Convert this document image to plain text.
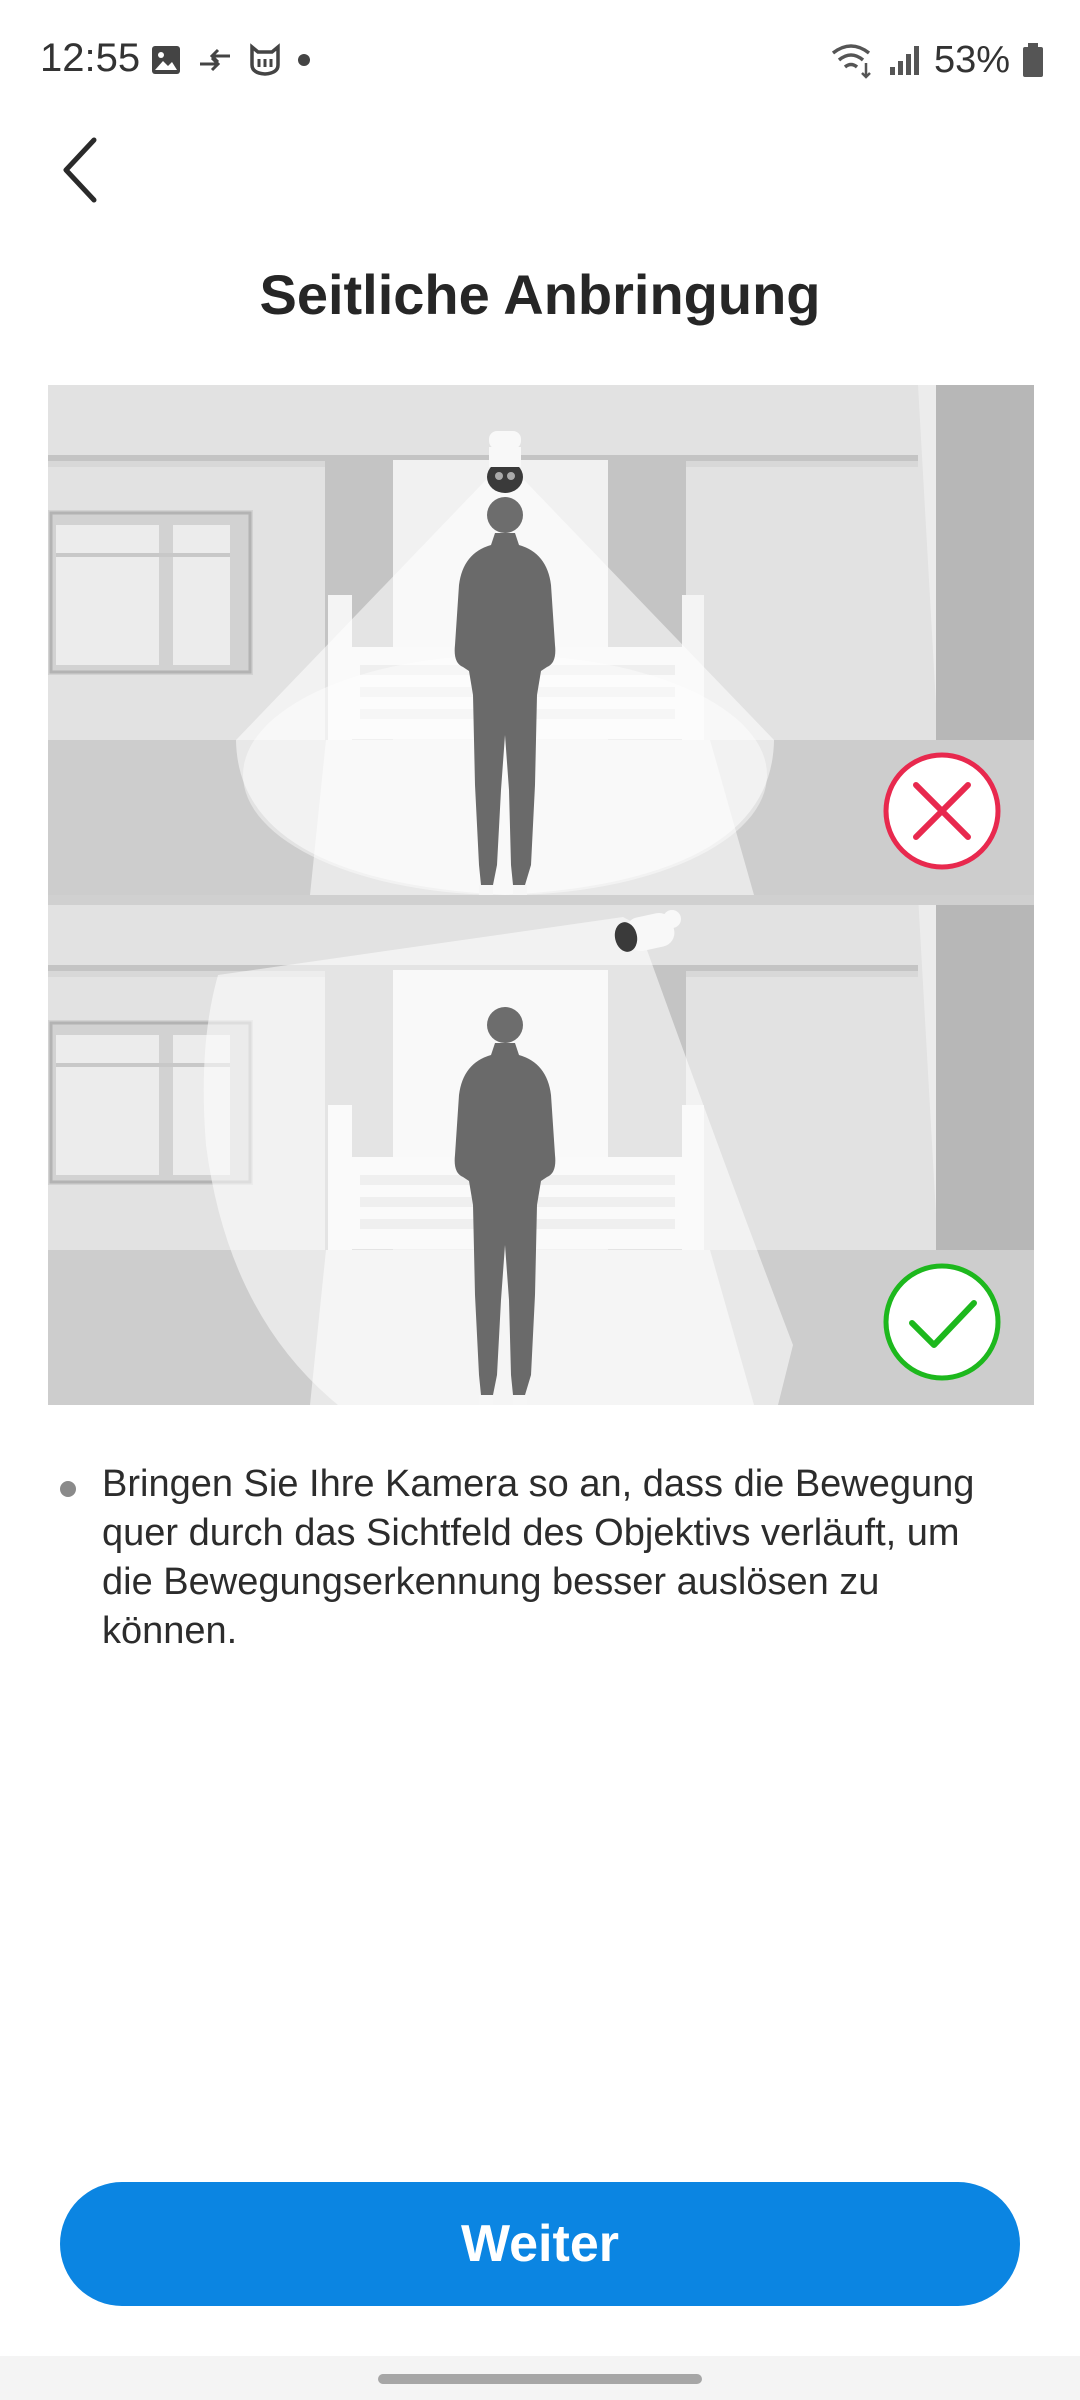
12:55	53%
Seitliche Anbringung
Bringen Sie Ihre Kamera so an, dass die Bewegung quer durch das Sichtfeld des Objektivs verläuft, um die Bewegungserkennung besser auslösen zu können.
Weiter
